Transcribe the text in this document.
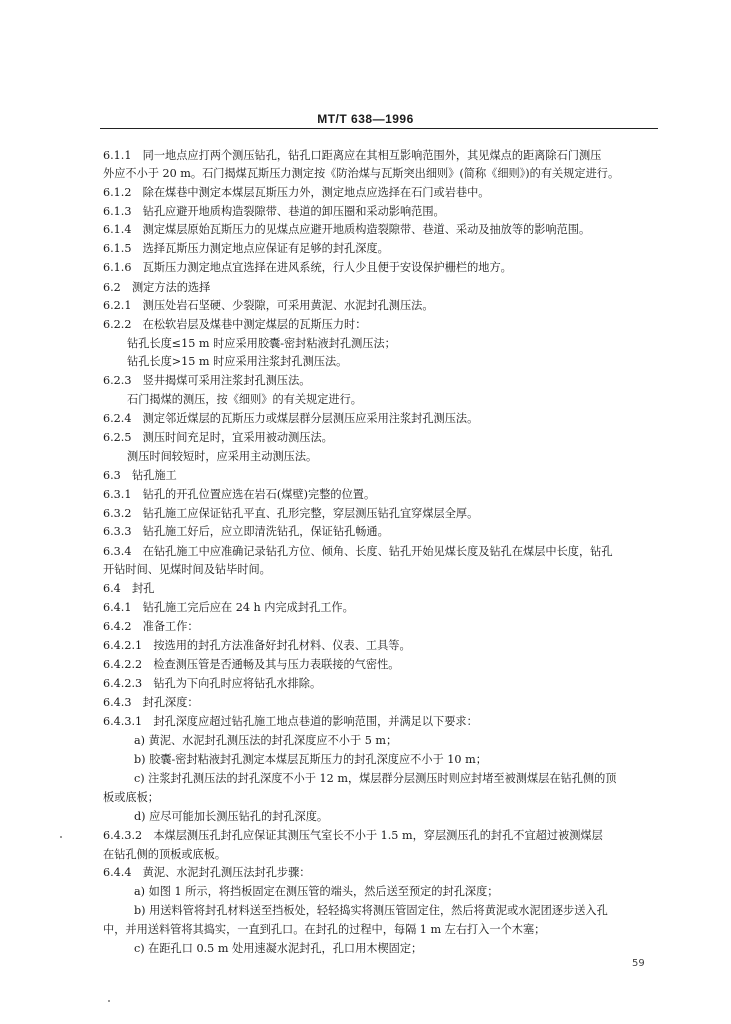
MT/T 638—1996
6.1.1　同一地点应打两个测压钻孔，钻孔口距离应在其相互影响范围外，其见煤点的距离除石门测压
外应不小于 20 m。石门揭煤瓦斯压力测定按《防治煤与瓦斯突出细则》(简称《细则》)的有关规定进行。
6.1.2　除在煤巷中测定本煤层瓦斯压力外，测定地点应选择在石门或岩巷中。
6.1.3　钻孔应避开地质构造裂隙带、巷道的卸压圈和采动影响范围。
6.1.4　测定煤层原始瓦斯压力的见煤点应避开地质构造裂隙带、巷道、采动及抽放等的影响范围。
6.1.5　选择瓦斯压力测定地点应保证有足够的封孔深度。
6.1.6　瓦斯压力测定地点宜选择在进风系统，行人少且便于安设保护栅栏的地方。
6.2　测定方法的选择
6.2.1　测压处岩石坚硬、少裂隙，可采用黄泥、水泥封孔测压法。
6.2.2　在松软岩层及煤巷中测定煤层的瓦斯压力时：
钻孔长度≤15 m 时应采用胶囊-密封粘液封孔测压法；
钻孔长度>15 m 时应采用注浆封孔测压法。
6.2.3　竖井揭煤可采用注浆封孔测压法。
石门揭煤的测压，按《细则》的有关规定进行。
6.2.4　测定邻近煤层的瓦斯压力或煤层群分层测压应采用注浆封孔测压法。
6.2.5　测压时间充足时，宜采用被动测压法。
测压时间较短时，应采用主动测压法。
6.3　钻孔施工
6.3.1　钻孔的开孔位置应选在岩石(煤壁)完整的位置。
6.3.2　钻孔施工应保证钻孔平直、孔形完整，穿层测压钻孔宜穿煤层全厚。
6.3.3　钻孔施工好后，应立即清洗钻孔，保证钻孔畅通。
6.3.4　在钻孔施工中应准确记录钻孔方位、倾角、长度、钻孔开始见煤长度及钻孔在煤层中长度，钻孔
开钻时间、见煤时间及钻毕时间。
6.4　封孔
6.4.1　钻孔施工完后应在 24 h 内完成封孔工作。
6.4.2　准备工作：
6.4.2.1　按选用的封孔方法准备好封孔材料、仪表、工具等。
6.4.2.2　检查测压管是否通畅及其与压力表联接的气密性。
6.4.2.3　钻孔为下向孔时应将钻孔水排除。
6.4.3　封孔深度：
6.4.3.1　封孔深度应超过钻孔施工地点巷道的影响范围，并满足以下要求：
a) 黄泥、水泥封孔测压法的封孔深度应不小于 5 m；
b) 胶囊-密封粘液封孔测定本煤层瓦斯压力的封孔深度应不小于 10 m；
c) 注浆封孔测压法的封孔深度不小于 12 m，煤层群分层测压时则应封堵至被测煤层在钻孔侧的顶
板或底板；
d) 应尽可能加长测压钻孔的封孔深度。
6.4.3.2　本煤层测压孔封孔应保证其测压气室长不小于 1.5 m，穿层测压孔的封孔不宜超过被测煤层
在钻孔侧的顶板或底板。
6.4.4　黄泥、水泥封孔测压法封孔步骤：
a) 如图 1 所示，将挡板固定在测压管的端头，然后送至预定的封孔深度；
b) 用送料管将封孔材料送至挡板处，轻轻捣实将测压管固定住，然后将黄泥或水泥团逐步送入孔
中，并用送料管将其捣实，一直到孔口。在封孔的过程中，每隔 1 m 左右打入一个木塞；
c) 在距孔口 0.5 m 处用速凝水泥封孔，孔口用木楔固定；
59
